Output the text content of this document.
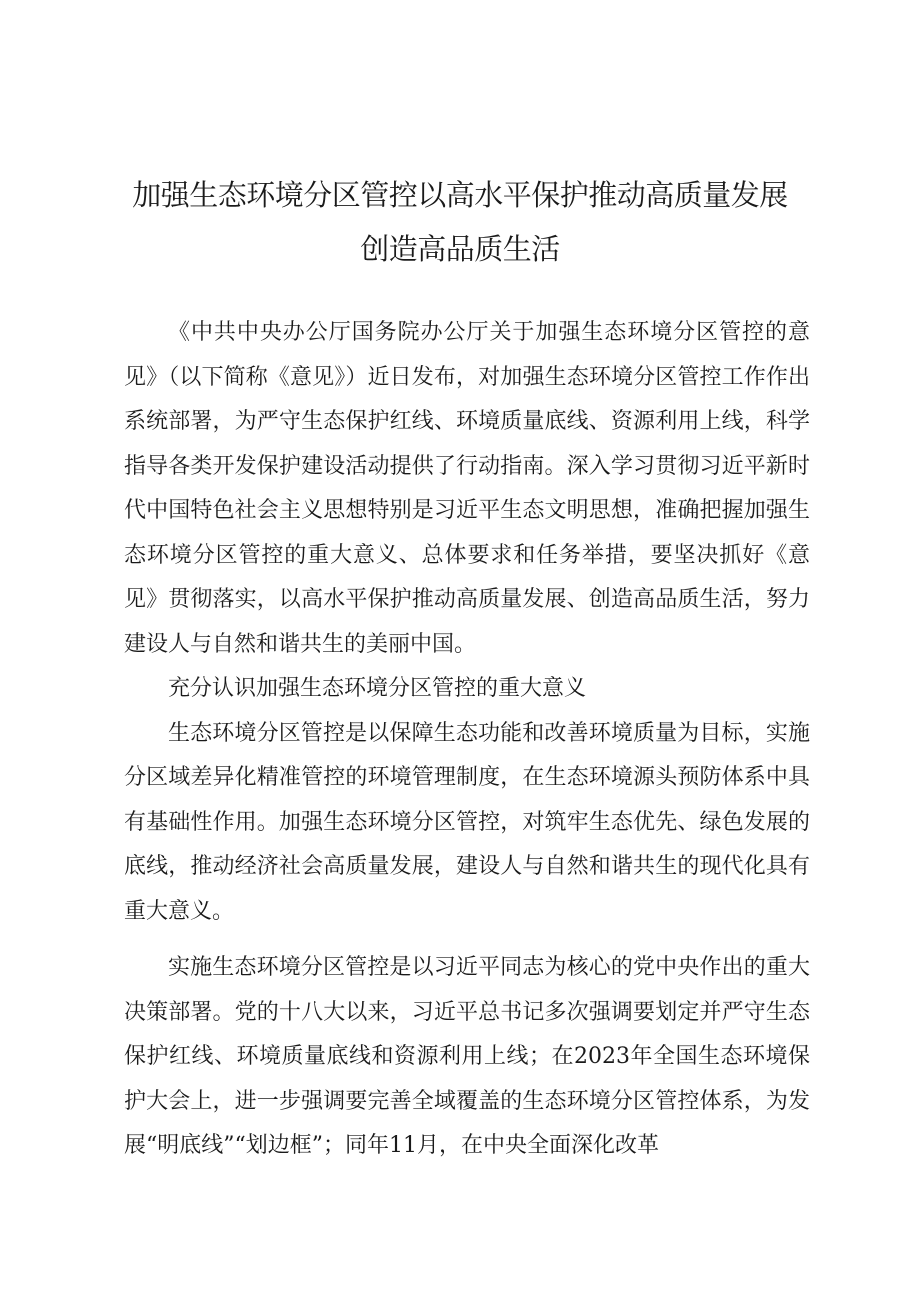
加强生态环境分区管控以高水平保护推动高质量发展创造高品质生活

《中共中央办公厅国务院办公厅关于加强生态环境分区管控的意见》（以下简称《意见》）近日发布，对加强生态环境分区管控工作作出系统部署，为严守生态保护红线、环境质量底线、资源利用上线，科学指导各类开发保护建设活动提供了行动指南。深入学习贯彻习近平新时代中国特色社会主义思想特别是习近平生态文明思想，准确把握加强生态环境分区管控的重大意义、总体要求和任务举措，要坚决抓好《意见》贯彻落实，以高水平保护推动高质量发展、创造高品质生活，努力建设人与自然和谐共生的美丽中国。

充分认识加强生态环境分区管控的重大意义

生态环境分区管控是以保障生态功能和改善环境质量为目标，实施分区域差异化精准管控的环境管理制度，在生态环境源头预防体系中具有基础性作用。加强生态环境分区管控，对筑牢生态优先、绿色发展的底线，推动经济社会高质量发展，建设人与自然和谐共生的现代化具有重大意义。

实施生态环境分区管控是以习近平同志为核心的党中央作出的重大决策部署。党的十八大以来，习近平总书记多次强调要划定并严守生态保护红线、环境质量底线和资源利用上线；在2023年全国生态环境保护大会上，进一步强调要完善全域覆盖的生态环境分区管控体系，为发展“明底线”“划边框”；同年11月，在中央全面深化改革
